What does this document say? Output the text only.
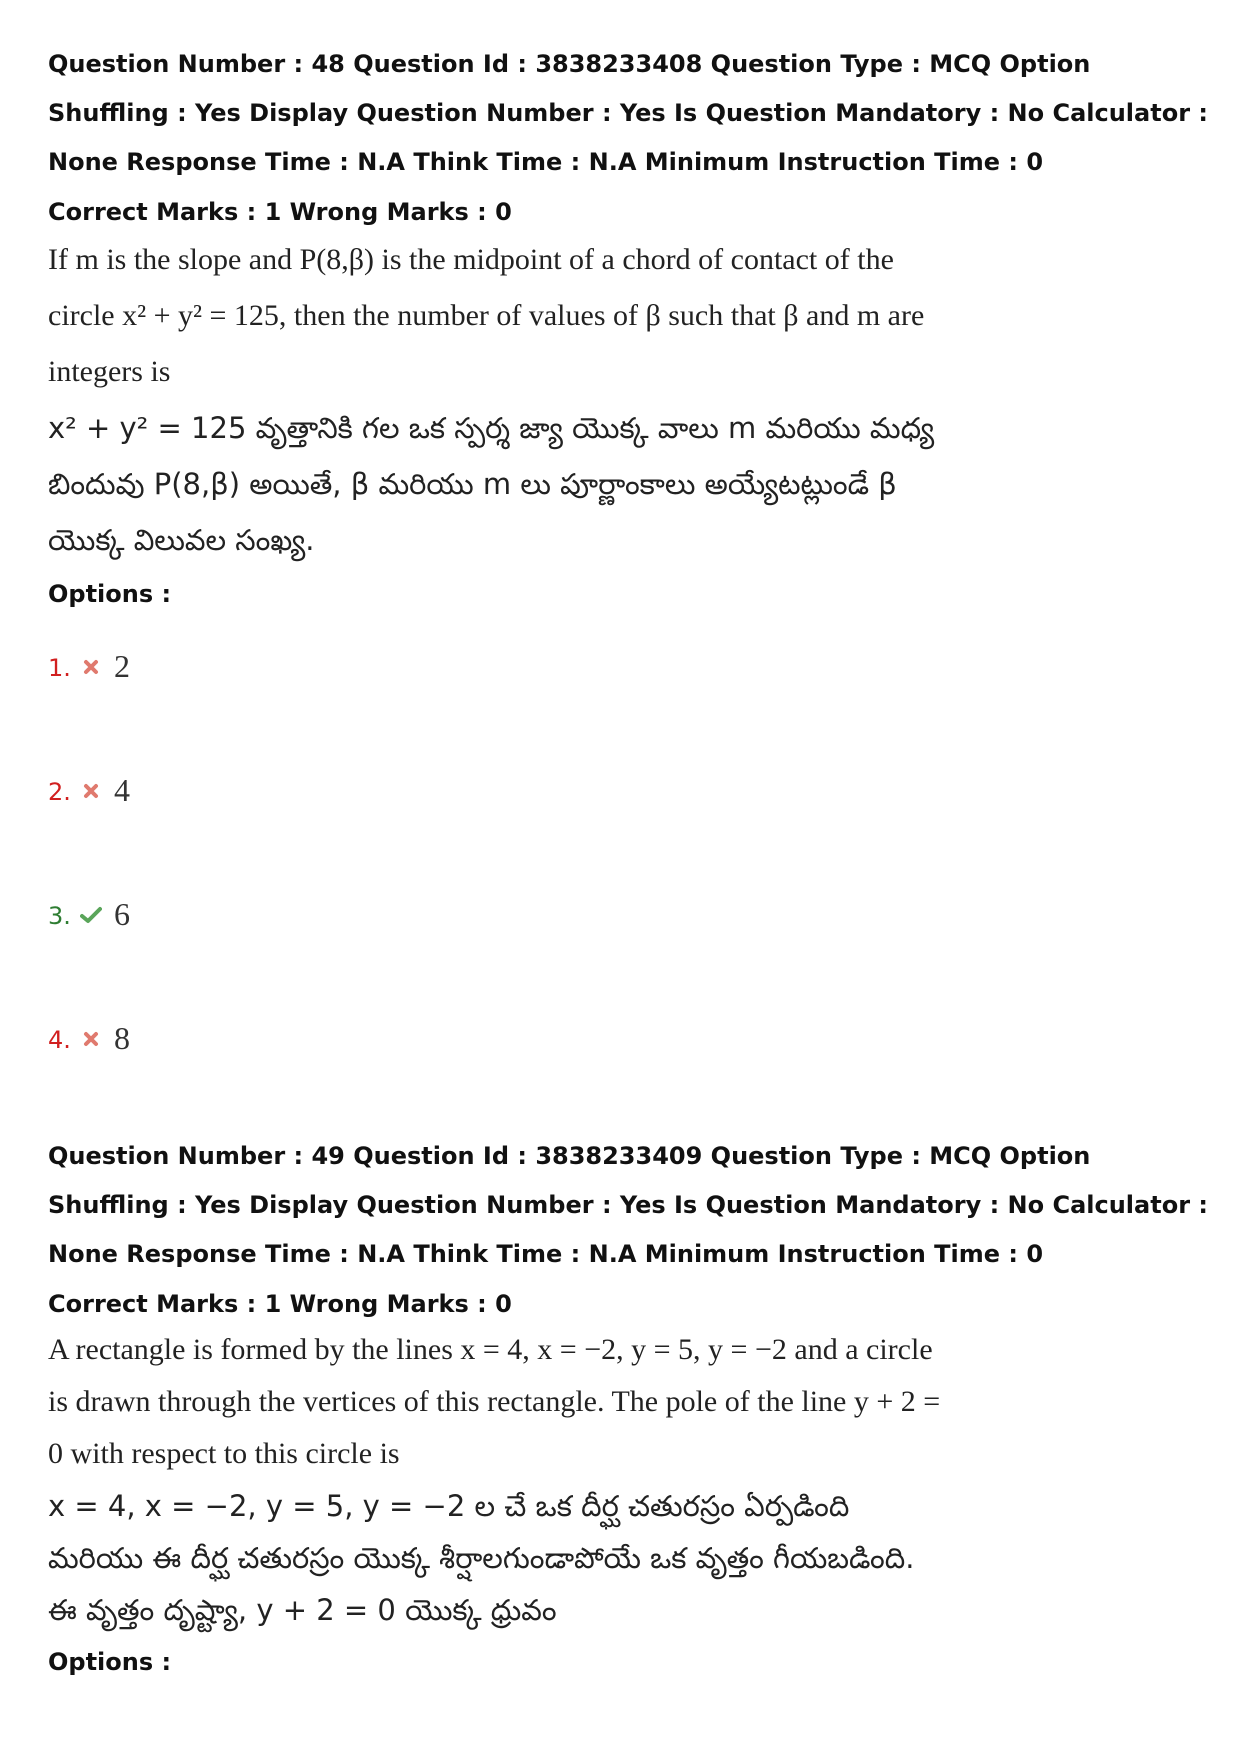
Question Number : 48 Question Id : 3838233408 Question Type : MCQ Option Shuffling : Yes Display Question Number : Yes Is Question Mandatory : No Calculator : None Response Time : N.A Think Time : N.A Minimum Instruction Time : 0
Correct Marks : 1 Wrong Marks : 0
If m is the slope and P(8,β) is the midpoint of a chord of contact of the circle x² + y² = 125, then the number of values of β such that β and m are integers is
x² + y² = 125 వృత్తానికి గల ఒక స్పర్శ జ్యా యొక్క వాలు m మరియు మధ్య బిందువు P(8,β) అయితే, β మరియు m లు పూర్ణాంకాలు అయ్యేటట్లుండే β యొక్క విలువల సంఖ్య.
Options :
1. 2
2. 4
3. 6
4. 8
Question Number : 49 Question Id : 3838233409 Question Type : MCQ Option Shuffling : Yes Display Question Number : Yes Is Question Mandatory : No Calculator : None Response Time : N.A Think Time : N.A Minimum Instruction Time : 0
Correct Marks : 1 Wrong Marks : 0
A rectangle is formed by the lines x = 4, x = −2, y = 5, y = −2 and a circle is drawn through the vertices of this rectangle. The pole of the line y + 2 = 0 with respect to this circle is
x = 4, x = −2, y = 5, y = −2 ల చే ఒక దీర్ఘ చతురస్రం ఏర్పడింది మరియు ఈ దీర్ఘ చతురస్రం యొక్క శీర్షాలగుండాపోయే ఒక వృత్తం గీయబడింది. ఈ వృత్తం దృష్ట్యా, y + 2 = 0 యొక్క ధ్రువం
Options :
